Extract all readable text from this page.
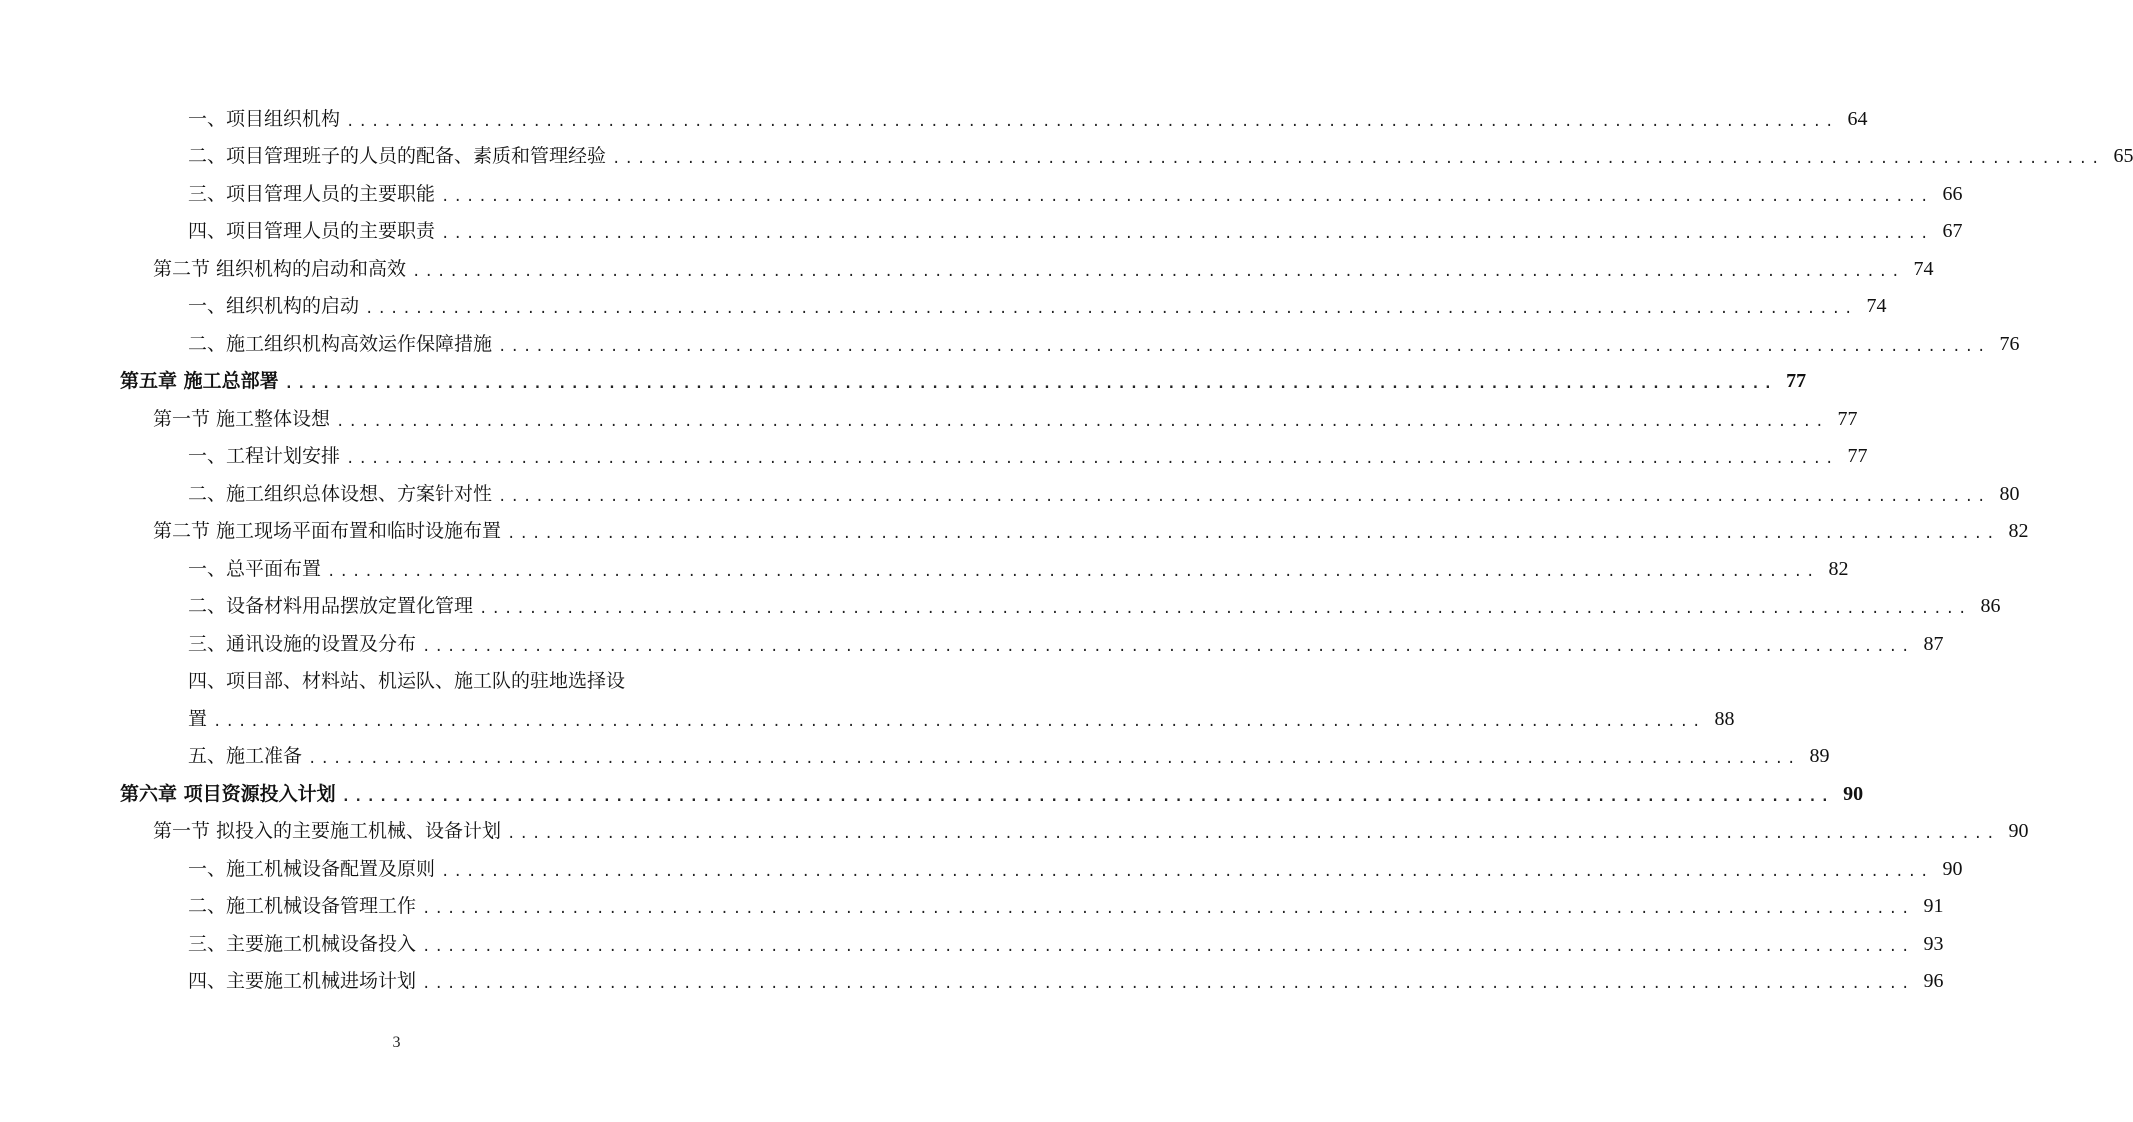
一、项目组织机构 ........................................................................................................................ 64
二、项目管理班子的人员的配备、素质和管理经验 ........................................................................................................................ 65
三、项目管理人员的主要职能 ........................................................................................................................ 66
四、项目管理人员的主要职责 ........................................................................................................................ 67
第二节 组织机构的启动和高效 ........................................................................................................................ 74
一、组织机构的启动 ........................................................................................................................ 74
二、施工组织机构高效运作保障措施 ........................................................................................................................ 76
第五章 施工总部署 ........................................................................................................................ 77
第一节 施工整体设想 ........................................................................................................................ 77
一、工程计划安排 ........................................................................................................................ 77
二、施工组织总体设想、方案针对性 ........................................................................................................................ 80
第二节 施工现场平面布置和临时设施布置 ........................................................................................................................ 82
一、总平面布置 ........................................................................................................................ 82
二、设备材料用品摆放定置化管理 ........................................................................................................................ 86
三、通讯设施的设置及分布 ........................................................................................................................ 87
四、项目部、材料站、机运队、施工队的驻地选择设
置 ........................................................................................................................ 88
五、施工准备 ........................................................................................................................ 89
第六章 项目资源投入计划 ........................................................................................................................ 90
第一节 拟投入的主要施工机械、设备计划 ........................................................................................................................ 90
一、施工机械设备配置及原则 ........................................................................................................................ 90
二、施工机械设备管理工作 ........................................................................................................................ 91
三、主要施工机械设备投入 ........................................................................................................................ 93
四、主要施工机械进场计划 ........................................................................................................................ 96
3
